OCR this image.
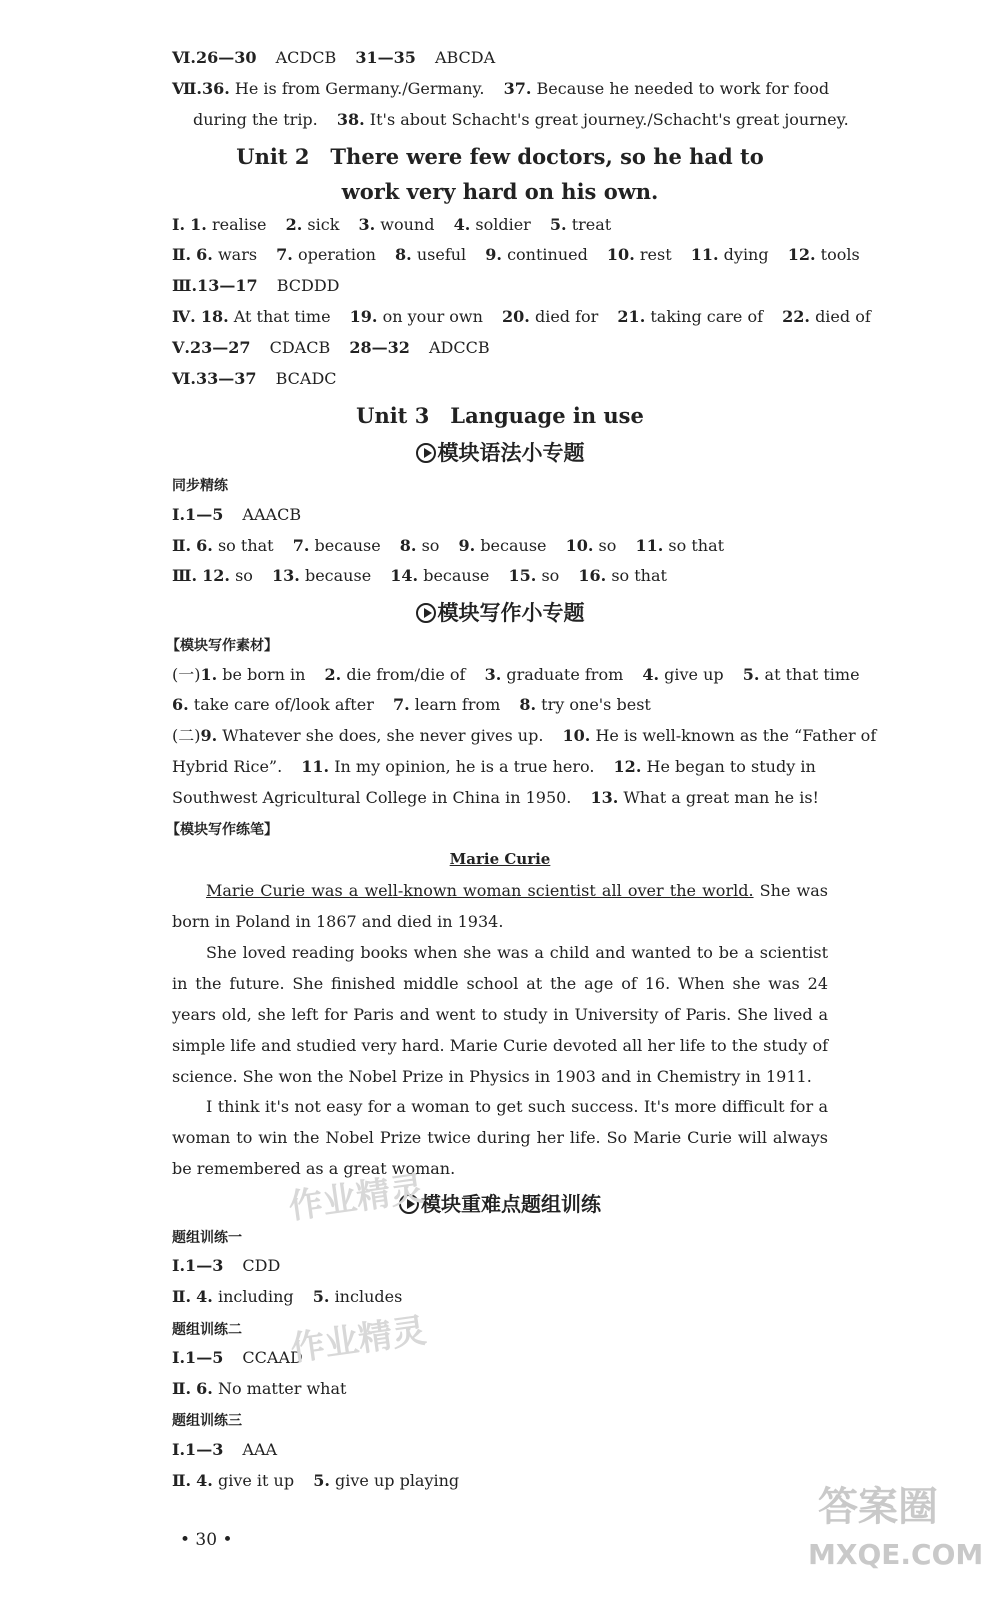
Ⅵ.26—30 ACDCB 31—35 ABCDA
Ⅶ.36. He is from Germany./Germany. 37. Because he needed to work for food
during the trip. 38. It's about Schacht's great journey./Schacht's great journey.
Unit 2　There were few doctors, so he had to
work very hard on his own.
Ⅰ. 1. realise 2. sick 3. wound 4. soldier 5. treat
Ⅱ. 6. wars 7. operation 8. useful 9. continued 10. rest 11. dying 12. tools
Ⅲ.13—17 BCDDD
Ⅳ. 18. At that time 19. on your own 20. died for 21. taking care of 22. died of
Ⅴ.23—27 CDACB 28—32 ADCCB
Ⅵ.33—37 BCADC
Unit 3　Language in use
模块语法小专题
同步精练
Ⅰ.1—5 AAACB
Ⅱ. 6. so that 7. because 8. so 9. because 10. so 11. so that
Ⅲ. 12. so 13. because 14. because 15. so 16. so that
模块写作小专题
【模块写作素材】
(一)1. be born in 2. die from/die of 3. graduate from 4. give up 5. at that time
6. take care of/look after 7. learn from 8. try one's best
(二)9. Whatever she does, she never gives up. 10. He is well-known as the “Father of
Hybrid Rice”. 11. In my opinion, he is a true hero. 12. He began to study in
Southwest Agricultural College in China in 1950. 13. What a great man he is!
【模块写作练笔】
Marie Curie
Marie Curie was a well-known woman scientist all over the world. She was born in Poland in 1867 and died in 1934.
She loved reading books when she was a child and wanted to be a scientist in the future. She finished middle school at the age of 16. When she was 24 years old, she left for Paris and went to study in University of Paris. She lived a simple life and studied very hard. Marie Curie devoted all her life to the study of science. She won the Nobel Prize in Physics in 1903 and in Chemistry in 1911.
I think it's not easy for a woman to get such success. It's more difficult for a woman to win the Nobel Prize twice during her life. So Marie Curie will always be remembered as a great woman.
模块重难点题组训练
题组训练一
Ⅰ.1—3 CDD
Ⅱ. 4. including 5. includes
题组训练二
Ⅰ.1—5 CCAAD
Ⅱ. 6. No matter what
题组训练三
Ⅰ.1—3 AAA
Ⅱ. 4. give it up 5. give up playing
• 30 •
作业精灵
作业精灵
答案圈
MXQE.COM
